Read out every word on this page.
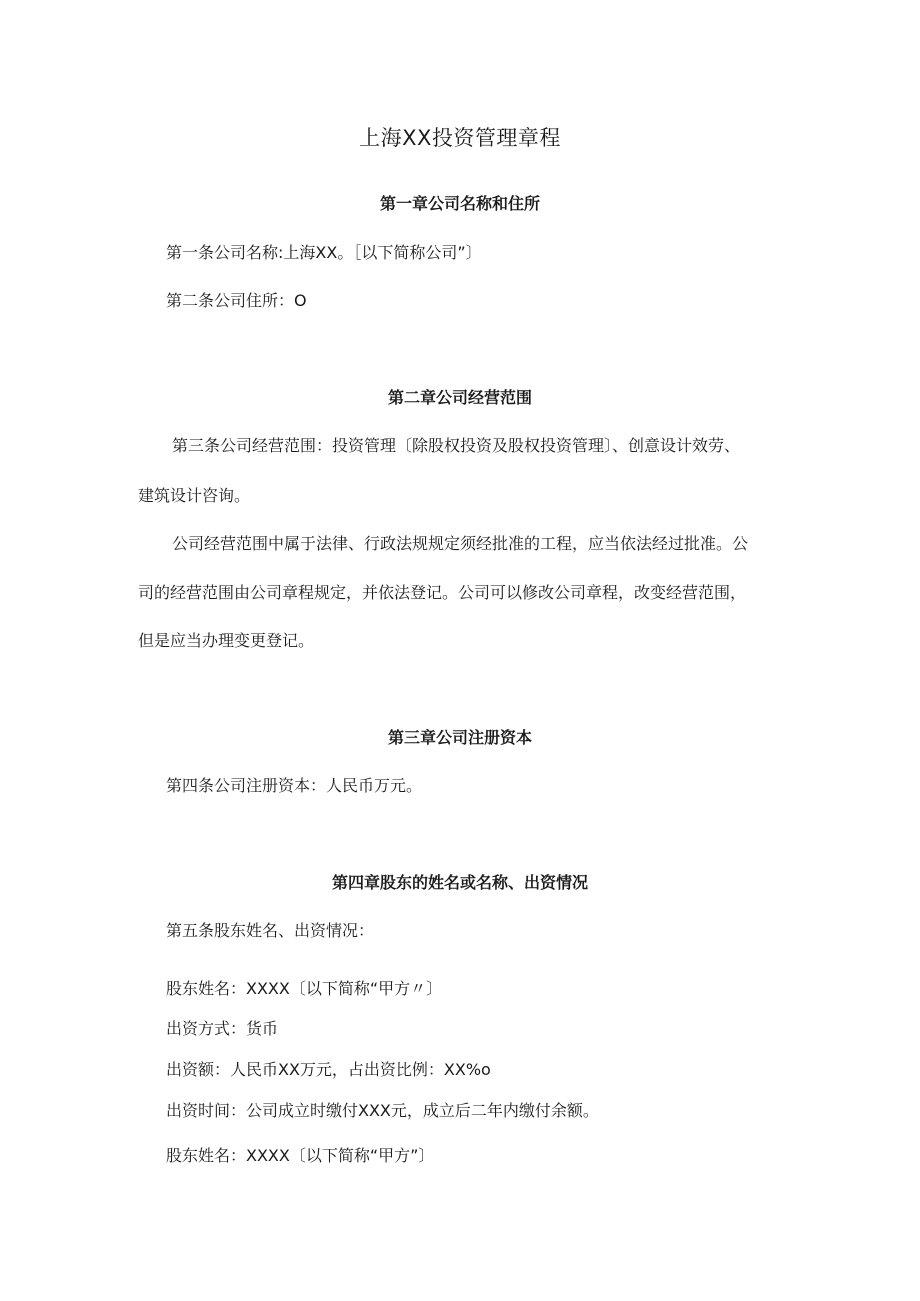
上海XX投资管理章程
第一章公司名称和住所

第一条公司名称:上海XX。［以下简称公司”〕

第二条公司住所：O

第二章公司经营范围

第三条公司经营范围：投资管理〔除股权投资及股权投资管理〕、创意设计效劳、

建筑设计咨询。

公司经营范围中属于法律、行政法规规定须经批准的工程，应当依法经过批准。公

司的经营范围由公司章程规定，并依法登记。公司可以修改公司章程，改变经营范围，

但是应当办理变更登记。

第三章公司注册资本

第四条公司注册资本：人民币万元。

第四章股东的姓名或名称、出资情况

第五条股东姓名、出资情况：

股东姓名：XXXX〔以下简称“甲方〃〕

出资方式：货币

出资额：人民币XX万元，占出资比例：XX%o

出资时间：公司成立时缴付XXX元，成立后二年内缴付余额。

股东姓名：XXXX〔以下简称“甲方”〕
